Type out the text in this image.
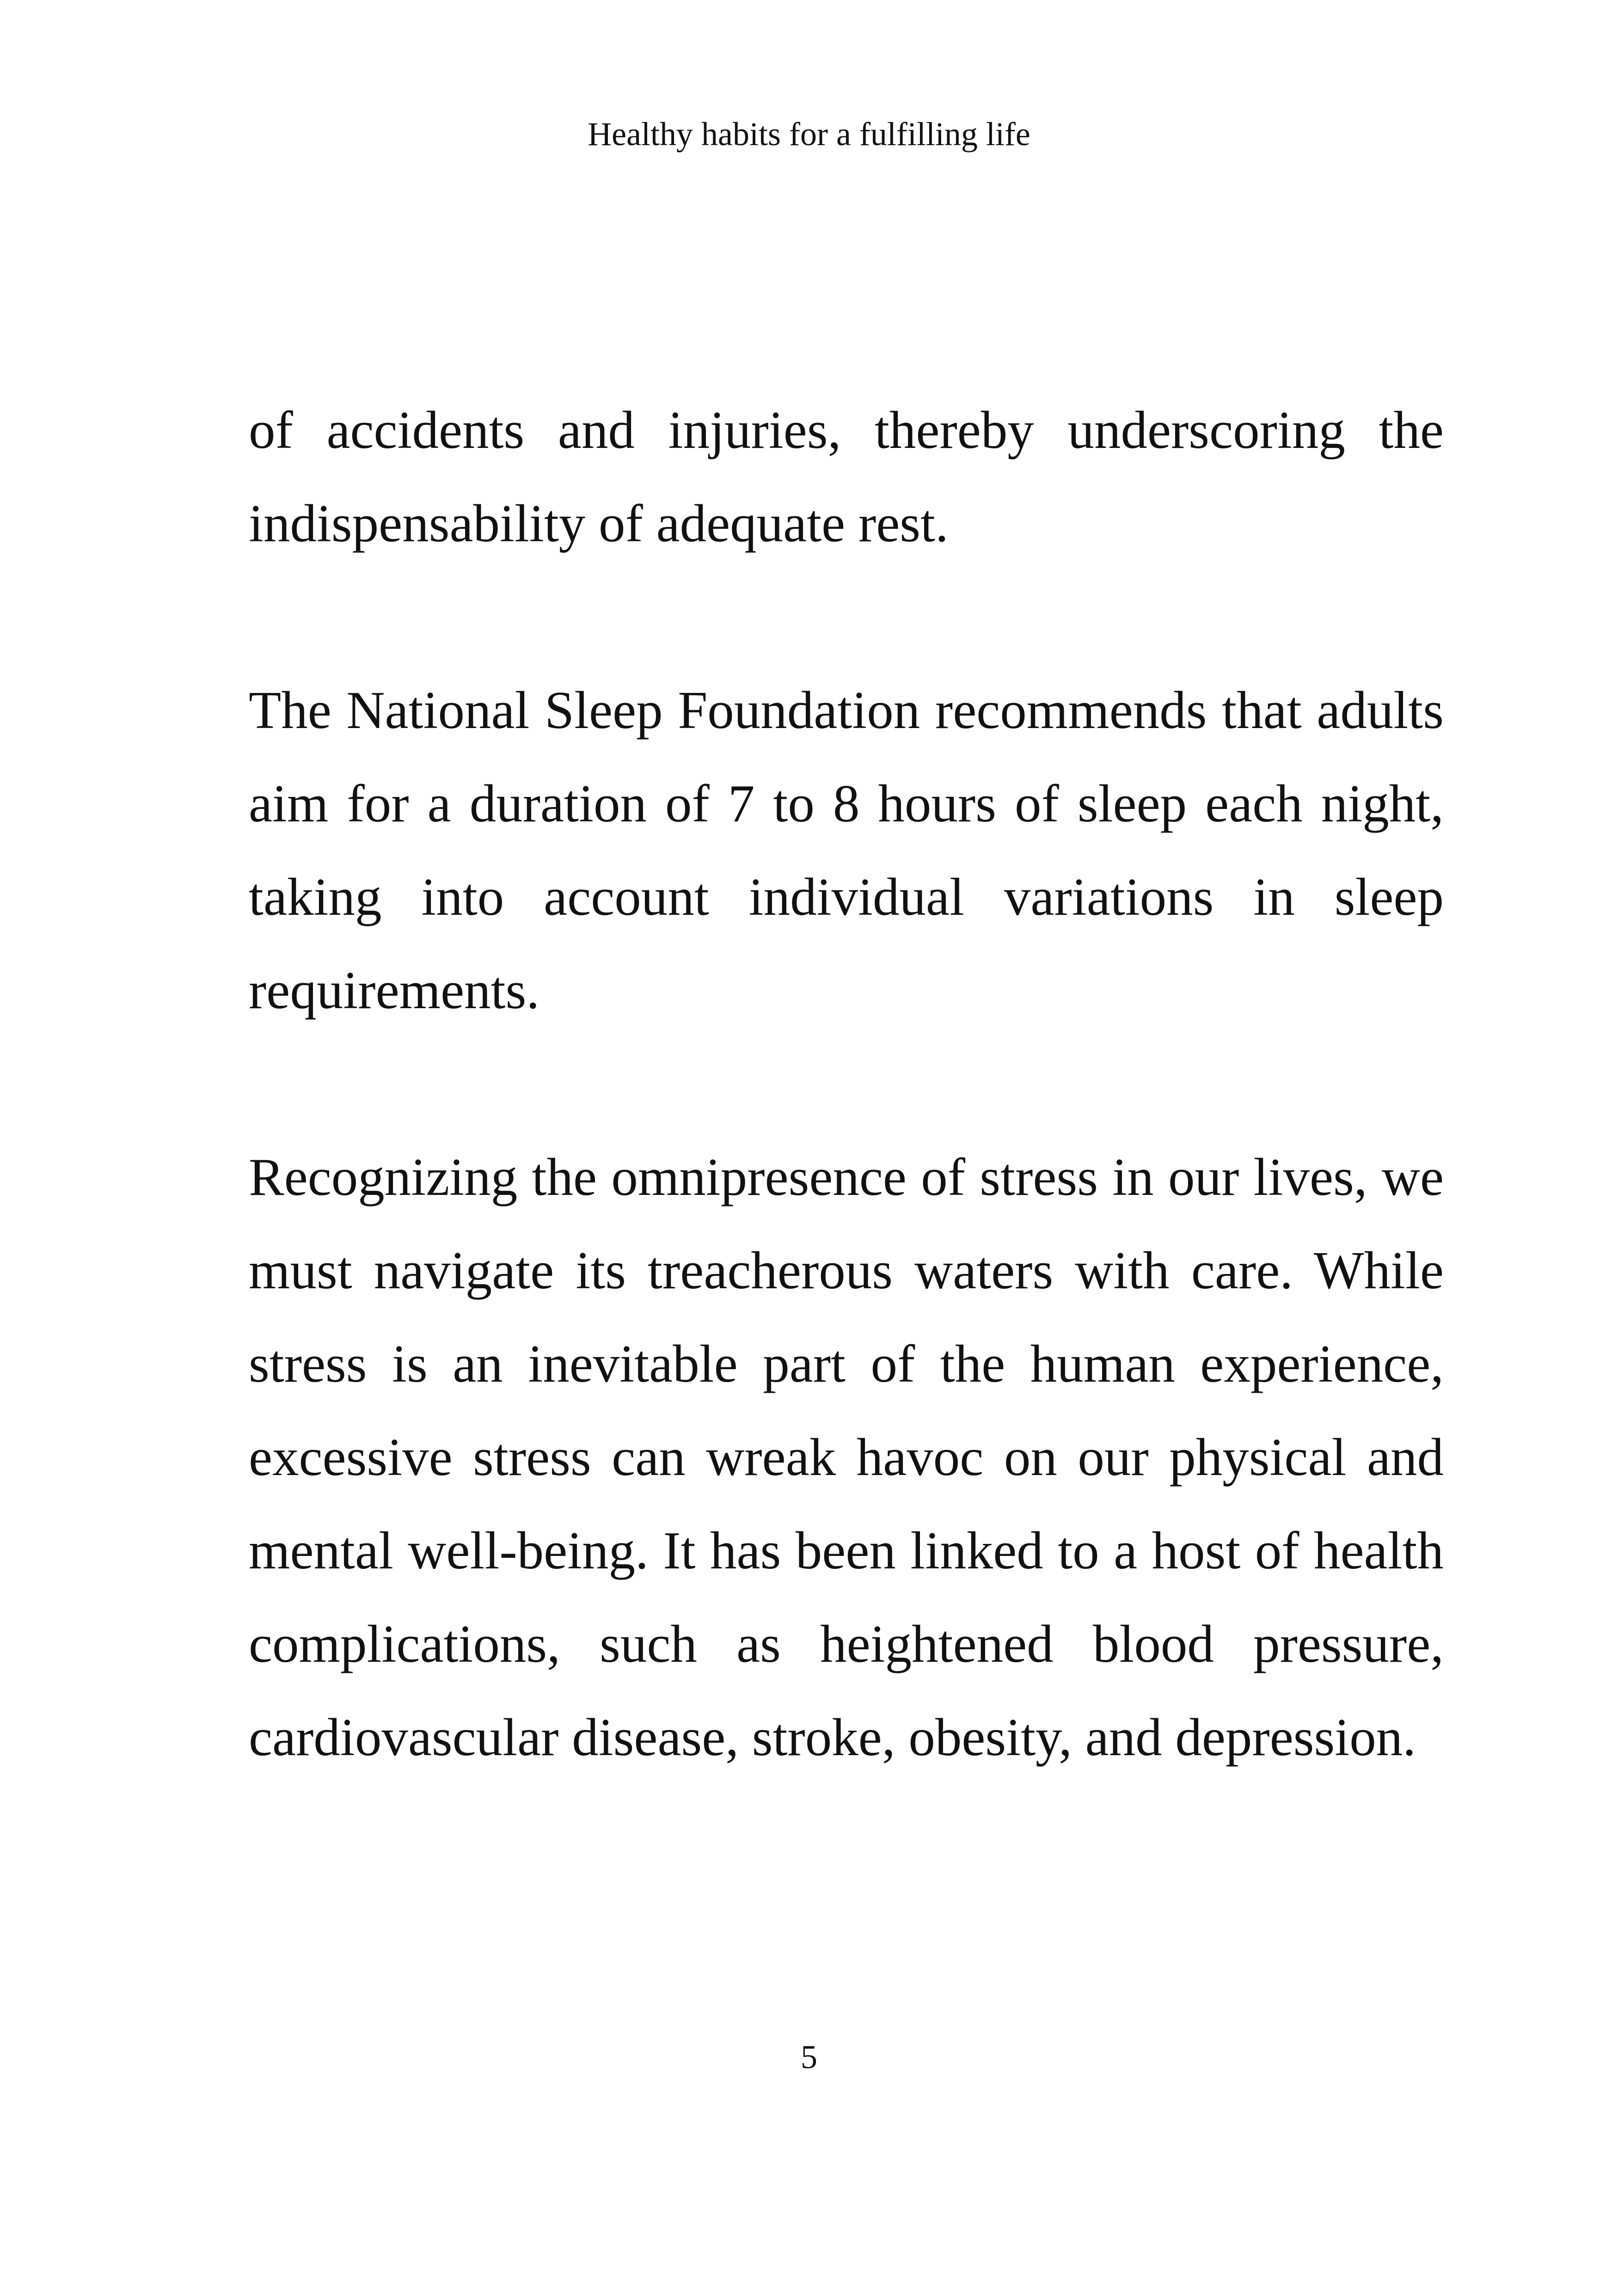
Healthy habits for a fulfilling life

of accidents and injuries, thereby underscoring the indispensability of adequate rest.

The National Sleep Foundation recommends that adults aim for a duration of 7 to 8 hours of sleep each night, taking into account individual variations in sleep requirements.

Recognizing the omnipresence of stress in our lives, we must navigate its treacherous waters with care. While stress is an inevitable part of the human experience, excessive stress can wreak havoc on our physical and mental well-being. It has been linked to a host of health complications, such as heightened blood pressure, cardiovascular disease, stroke, obesity, and depression.

5
